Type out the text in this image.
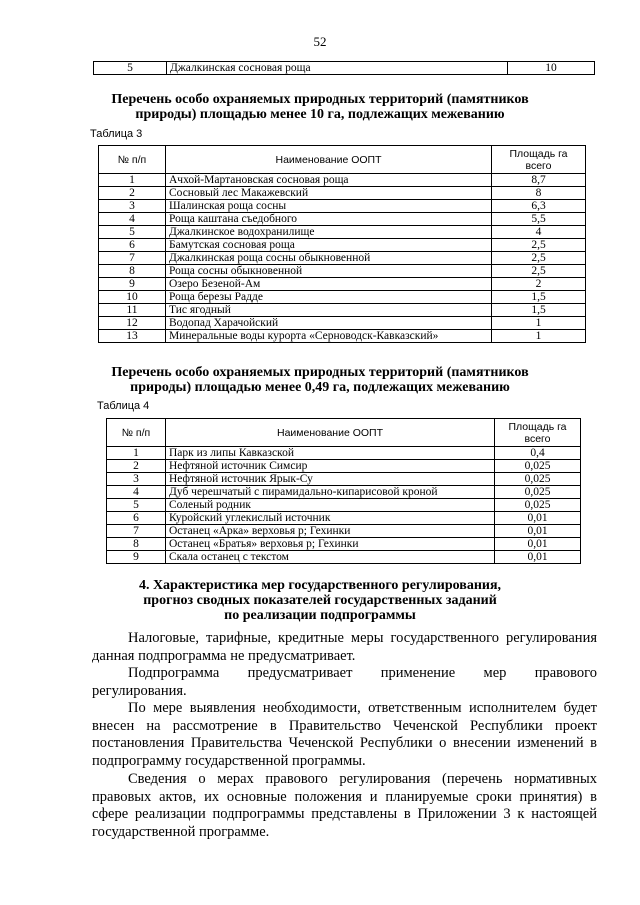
52
5	Джалкинская сосновая роща	10
Перечень особо охраняемых природных территорий (памятников
природы) площадью менее 10 га, подлежащих межеванию
Таблица 3
№ п/п	Наименование ООПТ	Площадь га
всего

1	Ачхой-Мартановская сосновая роща	8,7
2	Сосновый лес Макажевский	8
3	Шалинская роща сосны	6,3
4	Роща каштана съедобного	5,5
5	Джалкинское водохранилище	4
6	Бамутская сосновая роща	2,5
7	Джалкинская роща сосны обыкновенной	2,5
8	Роща сосны обыкновенной	2,5
9	Озеро Безеной-Ам	2
10	Роща березы Радде	1,5
11	Тис ягодный	1,5
12	Водопад Харачойский	1
13	Минеральные воды курорта «Серноводск-Кавказский»	1
Перечень особо охраняемых природных территорий (памятников
природы) площадью менее 0,49 га, подлежащих межеванию
Таблица 4
№ п/п	Наименование ООПТ	Площадь га
всего

1	Парк из липы Кавказской	0,4
2	Нефтяной источник Симсир	0,025
3	Нефтяной источник Ярык-Су	0,025
4	Дуб черешчатый с пирамидально-кипарисовой кроной	0,025
5	Соленый родник	0,025
6	Куройский углекислый источник	0,01
7	Останец «Арка» верховья р; Гехинки	0,01
8	Останец «Братья» верховья р; Гехинки	0,01
9	Скала останец с текстом	0,01
4. Характеристика мер государственного регулирования,
прогноз сводных показателей государственных заданий
по реализации подпрограммы
Налоговые, тарифные, кредитные меры государственного регулирования данная подпрограмма не предусматривает.
Подпрограмма предусматривает применение мер правового
регулирования.
По мере выявления необходимости, ответственным исполнителем будет внесен на рассмотрение в Правительство Чеченской Республики проект постановления Правительства Чеченской Республики о внесении изменений в подпрограмму государственной программы.
Сведения о мерах правового регулирования (перечень нормативных правовых актов, их основные положения и планируемые сроки принятия) в сфере реализации подпрограммы представлены в Приложении 3 к настоящей государственной программе.
